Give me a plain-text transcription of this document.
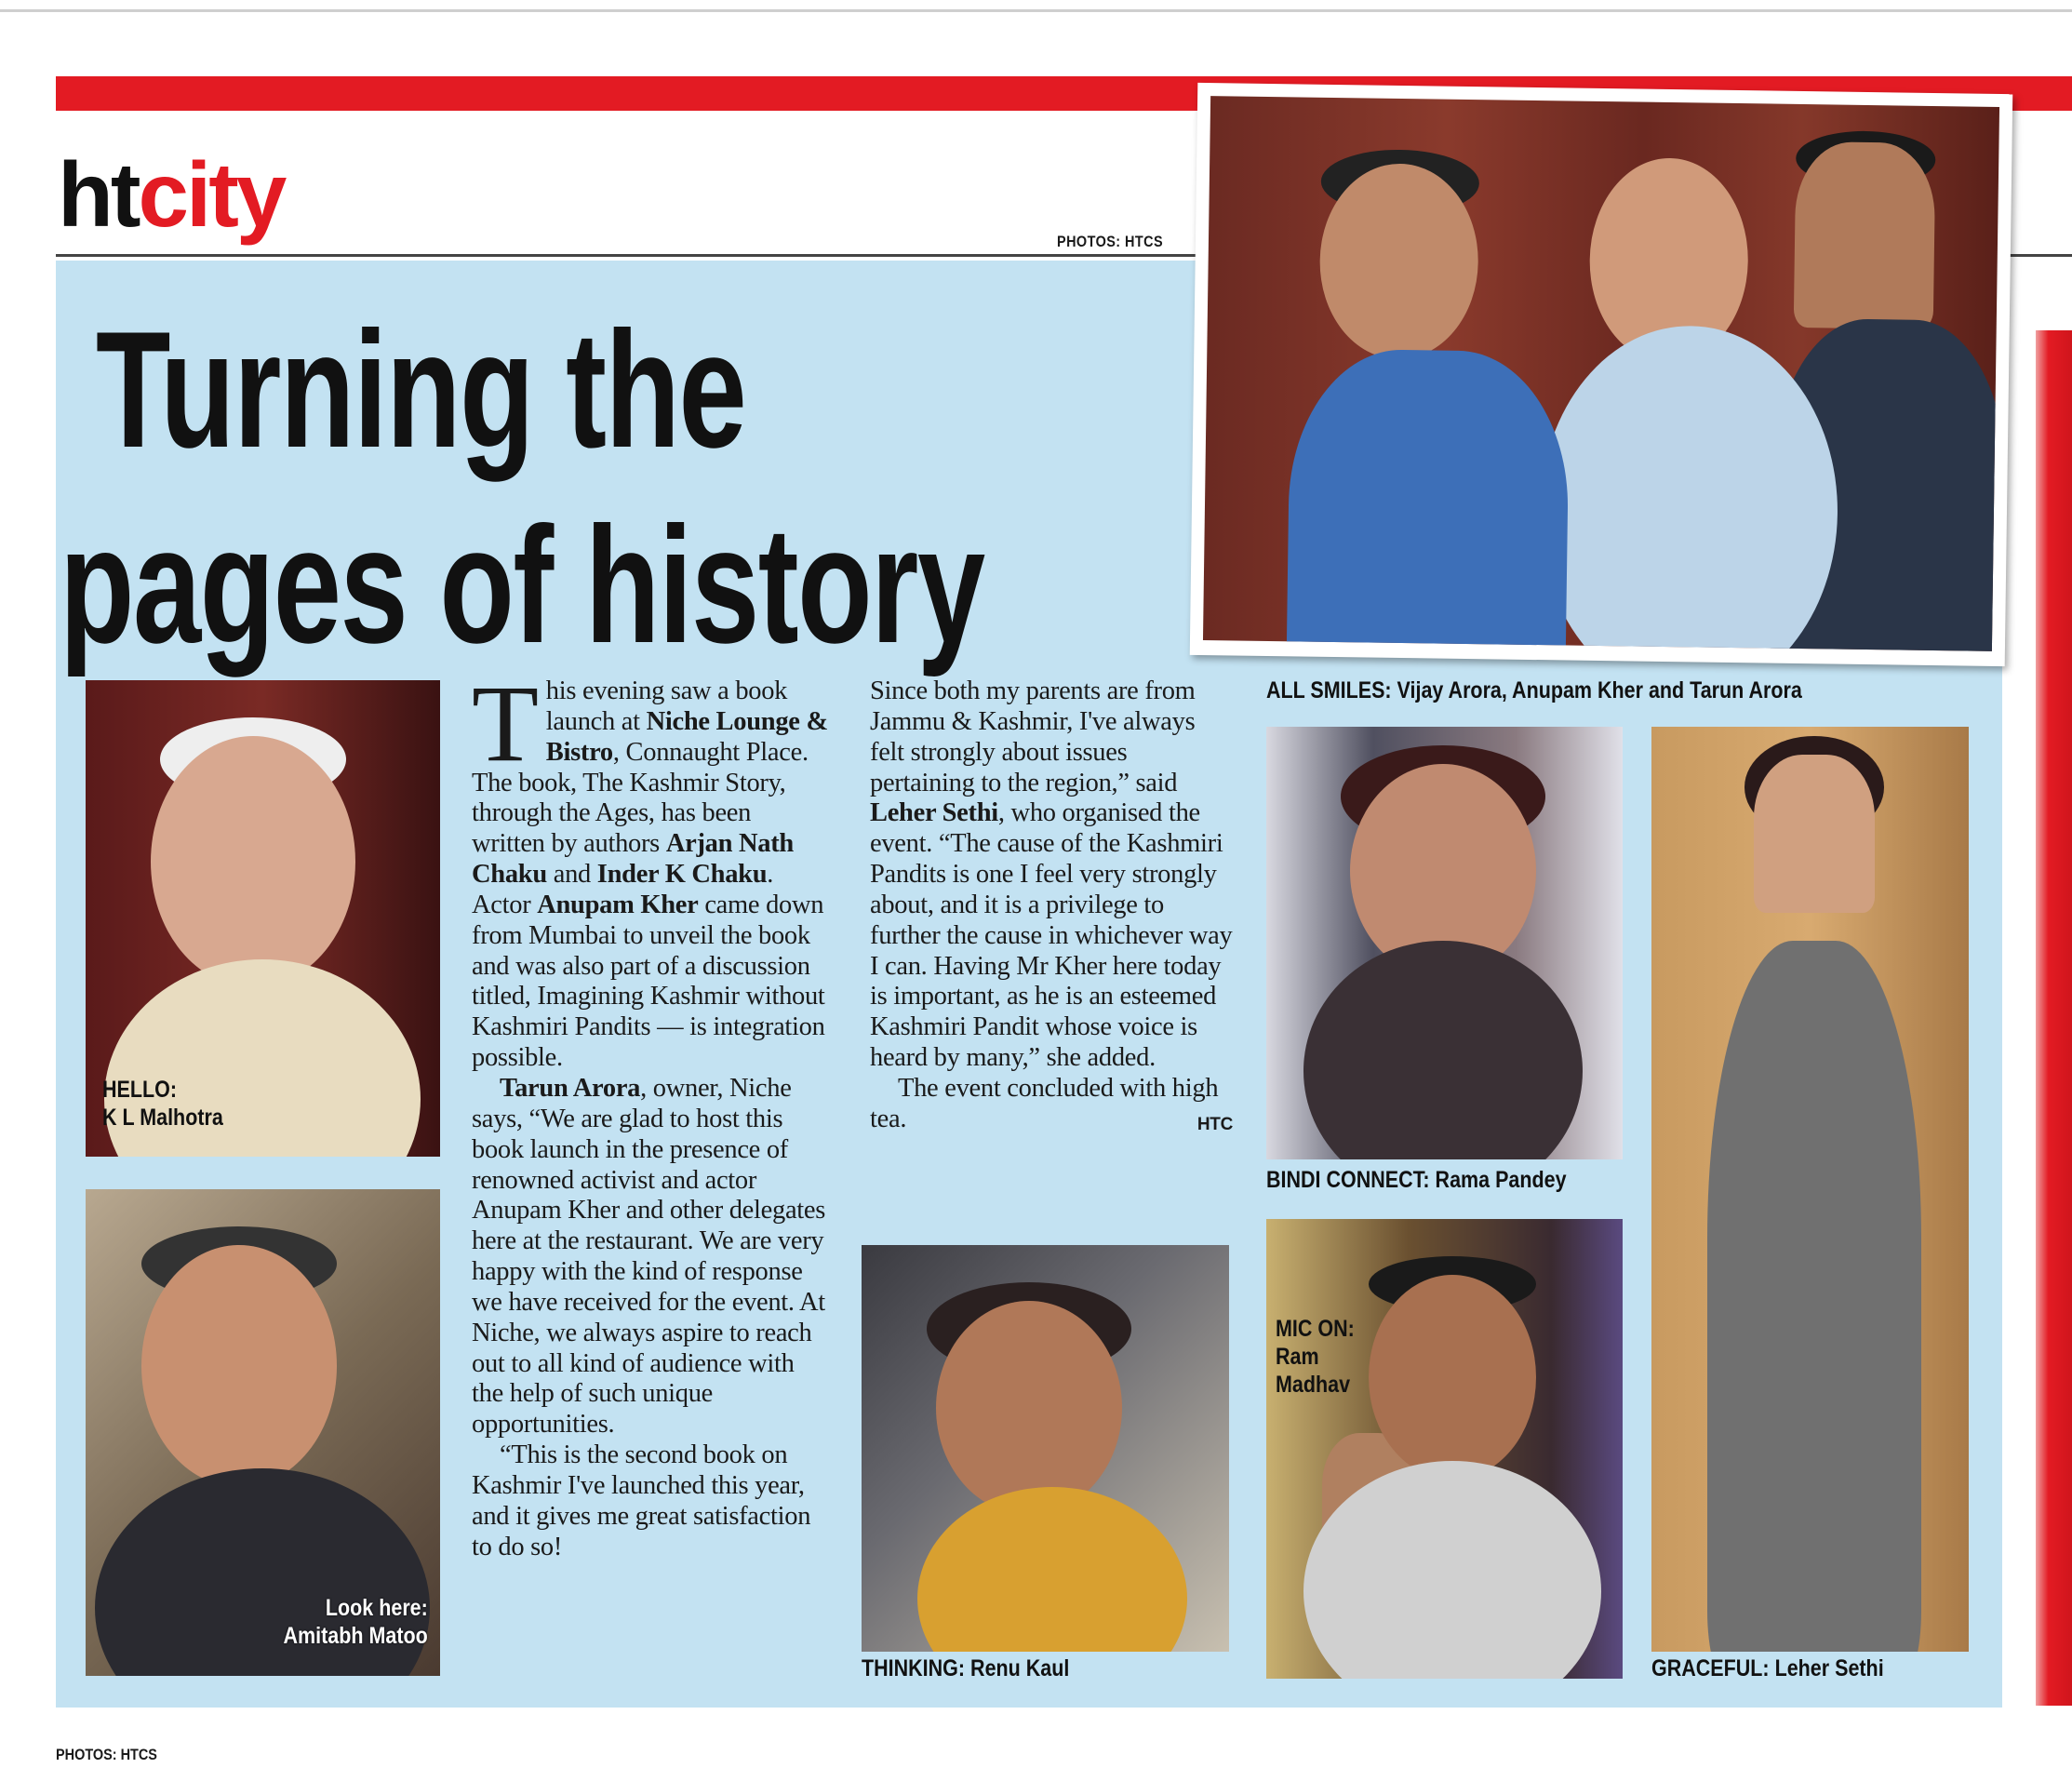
htcity	PHOTOS: HTCS
Turning the
pages of history
ALL SMILES: Vijay Arora, Anupam Kher and Tarun Arora
HELLO:
K L Malhotra
Look here:
Amitabh Matoo

This evening saw a book launch at Niche Lounge & Bistro, Connaught Place. The book, The Kashmir Story, through the Ages, has been written by authors Arjan Nath Chaku and Inder K Chaku. Actor Anupam Kher came down from Mumbai to unveil the book and was also part of a discussion titled, Imagining Kashmir without Kashmiri Pandits — is integration possible.

Tarun Arora, owner, Niche says, “We are glad to host this book launch in the presence of renowned activist and actor Anupam Kher and other delegates here at the restaurant. We are very happy with the kind of response we have received for the event. At Niche, we always aspire to reach out to all kind of audience with the help of such unique opportunities.

“This is the second book on Kashmir I've launched this year, and it gives me great satisfaction to do so!

Since both my parents are from Jammu & Kashmir, I've always felt strongly about issues pertaining to the region,” said Leher Sethi, who organised the event. “The cause of the Kashmiri Pandits is one I feel very strongly about, and it is a privilege to further the cause in whichever way I can. Having Mr Kher here today is important, as he is an esteemed Kashmiri Pandit whose voice is heard by many,” she added.

The event concluded with high tea.	HTC

THINKING: Renu Kaul
BINDI CONNECT: Rama Pandey
MIC ON:
Ram Madhav
GRACEFUL: Leher Sethi
PHOTOS: HTCS
